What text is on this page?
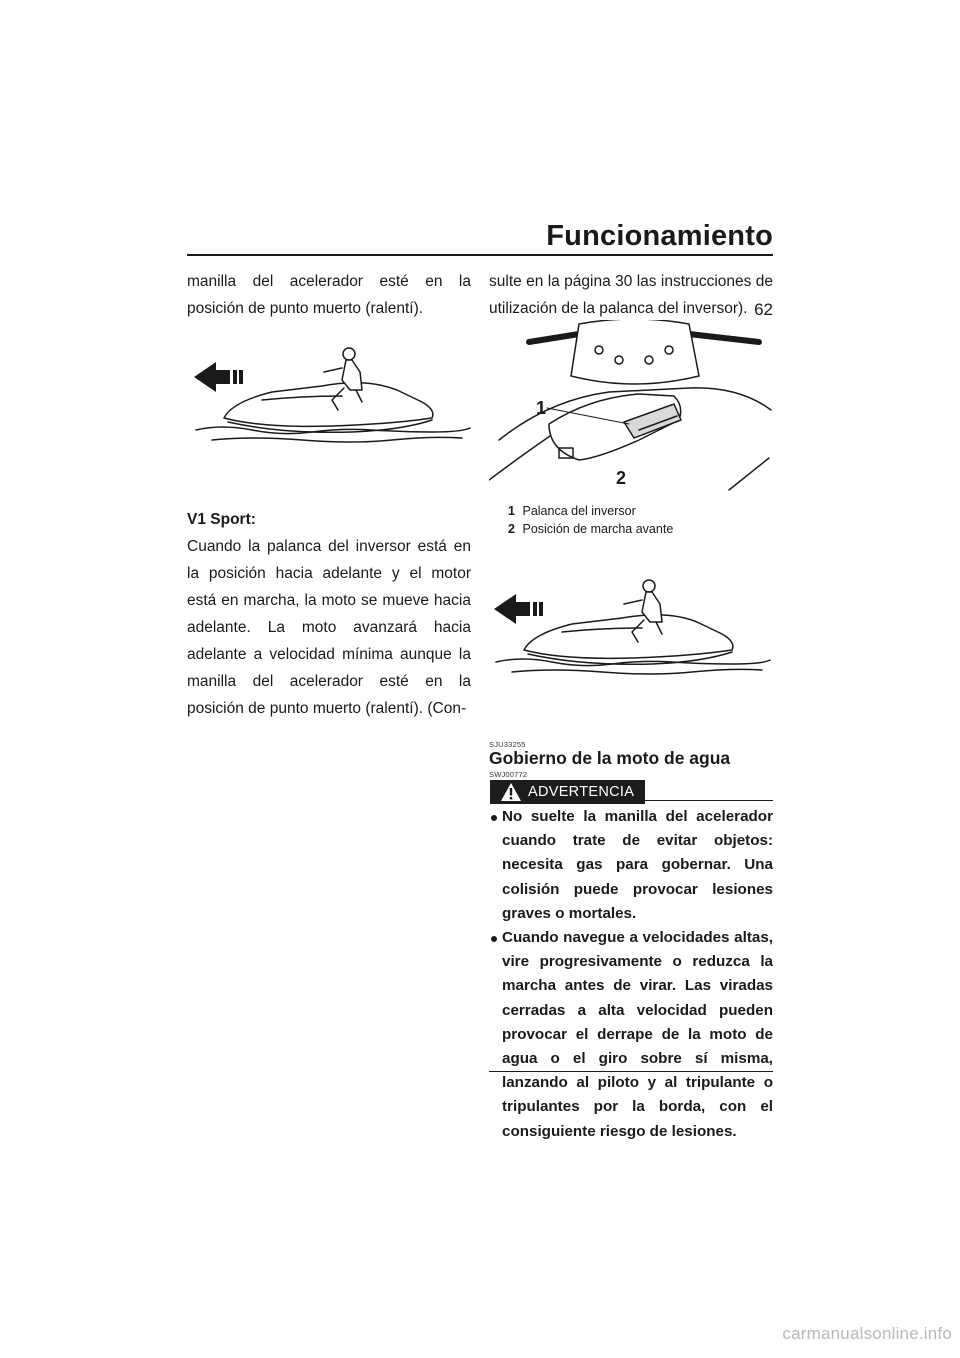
Funcionamiento
62

manilla del acelerador esté en la posición de punto muerto (ralentí).

V1 Sport:

Cuando la palanca del inversor está en la posición hacia adelante y el motor está en marcha, la moto se mueve hacia adelante. La moto avanzará hacia adelante a velocidad mínima aunque la manilla del acelerador esté en la posición de punto muerto (ralentí). (Con-

sulte en la página 30 las instrucciones de utilización de la palanca del inversor).

1
2
1 Palanca del inversor
2 Posición de marcha avante
SJU33255
Gobierno de la moto de agua
SWJ00772
ADVERTENCIA
No suelte la manilla del acelerador cuando trate de evitar objetos: necesita gas para gobernar. Una colisión puede provocar lesiones graves o mortales.
Cuando navegue a velocidades altas, vire progresivamente o reduzca la marcha antes de virar. Las viradas cerradas a alta velocidad pueden provocar el derrape de la moto de agua o el giro sobre sí misma, lanzando al piloto y al tripulante o tripulantes por la borda, con el consiguiente riesgo de lesiones.
carmanualsonline.info
